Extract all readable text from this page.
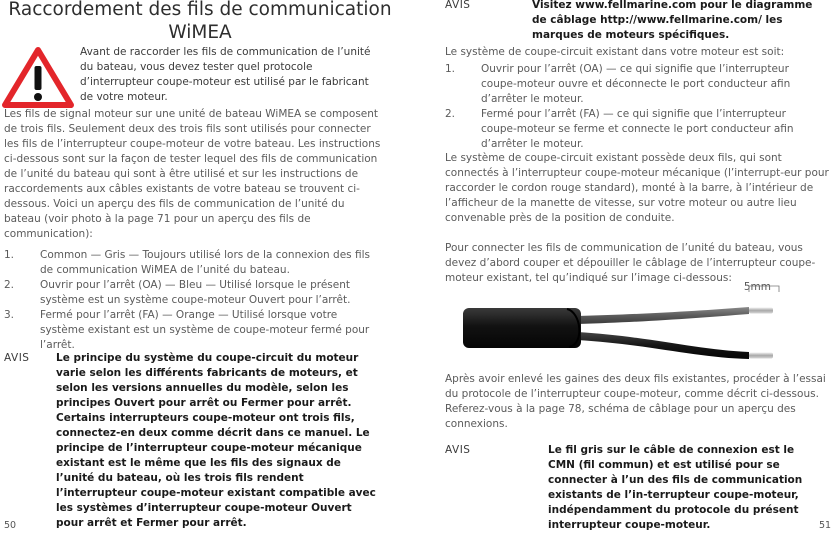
Raccordement des fils de communication
WiMEA
Avant de raccorder les fils de communication de l’unité du bateau, vous devez tester quel protocole d’interrupteur coupe-moteur est utilisé par le fabricant de votre moteur.

Les fils de signal moteur sur une unité de bateau WiMEA se composent de trois fils. Seulement deux des trois fils sont utilisés pour connecter les fils de l’interrupteur coupe-moteur de votre bateau. Les instructions ci-dessous sont sur la façon de tester lequel des fils de communication de l’unité du bateau qui sont à être utilisé et sur les instructions de raccordements aux câbles existants de votre bateau se trouvent ci-dessous. Voici un aperçu des fils de communication de l’unité du bateau (voir photo à la page 71 pour un aperçu des fils de communication):

1. Common — Gris — Toujours utilisé lors de la connexion des fils de communication WiMEA de l’unité du bateau.
2. Ouvrir pour l’arrêt (OA) — Bleu — Utilisé lorsque le présent système est un système coupe-moteur Ouvert pour l’arrêt.
3. Fermé pour l’arrêt (FA) — Orange — Utilisé lorsque votre système existant est un système de coupe-moteur fermé pour l’arrêt.
AVIS	Le principe du système du coupe-circuit du moteur varie selon les différents fabricants de moteurs, et selon les versions annuelles du modèle, selon les principes Ouvert pour arrêt ou Fermer pour arrêt. Certains interrupteurs coupe-moteur ont trois fils, connectez-en deux comme décrit dans ce manuel. Le principe de l’interrupteur coupe-moteur mécanique existant est le même que les fils des signaux de l’unité du bateau, où les trois fils rendent l’interrupteur coupe-moteur existant compatible avec les systèmes d’interrupteur coupe-moteur Ouvert pour arrêt et Fermer pour arrêt.
50
AVIS	Visitez www.fellmarine.com pour le diagramme de câblage http://www.fellmarine.com/ les marques de moteurs spécifiques.

Le système de coupe-circuit existant dans votre moteur est soit:

1. Ouvrir pour l’arrêt (OA) — ce qui signifie que l’interrupteur coupe-moteur ouvre et déconnecte le port conducteur afin d’arrêter le moteur.
2. Fermé pour l’arrêt (FA) — ce qui signifie que l’interrupteur coupe-moteur se ferme et connecte le port conducteur afin d’arrêter le moteur.

Le système de coupe-circuit existant possède deux fils, qui sont connectés à l’interrupteur coupe-moteur mécanique (l’interrupt-eur pour raccorder le cordon rouge standard), monté à la barre, à l’intérieur de l’afficheur de la manette de vitesse, sur votre moteur ou autre lieu convenable près de la position de conduite.

Pour connecter les fils de communication de l’unité du bateau, vous devez d’abord couper et dépouiller le câblage de l’interrupteur coupe-moteur existant, tel qu’indiqué sur l’image ci-dessous:

5mm

Après avoir enlevé les gaines des deux fils existantes, procéder à l’essai du protocole de l’interrupteur coupe-moteur, comme décrit ci-dessous. Referez-vous à la page 78, schéma de câblage pour un aperçu des connexions.

AVIS	Le fil gris sur le câble de connexion est le CMN (fil commun) et est utilisé pour se connecter à l’un des fils de communication existants de l’in-terrupteur coupe-moteur, indépendamment du protocole du présent interrupteur coupe-moteur.	51
